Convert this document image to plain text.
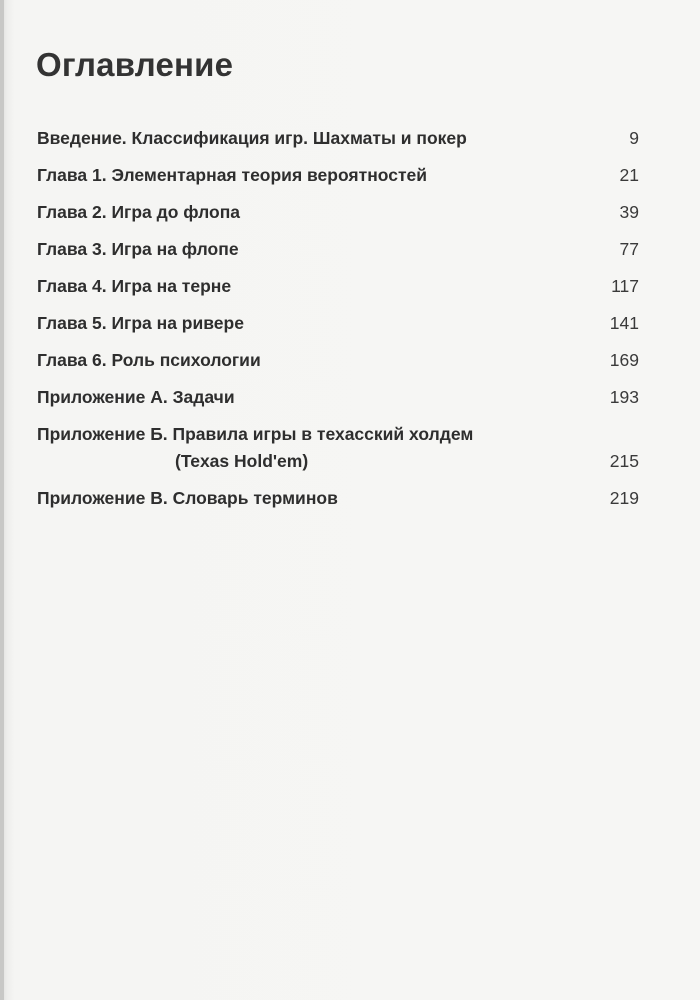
Оглавление
Введение. Классификация игр. Шахматы и покер	9
Глава 1. Элементарная теория вероятностей	21
Глава 2. Игра до флопа	39
Глава 3. Игра на флопе	77
Глава 4. Игра на терне	117
Глава 5. Игра на ривере	141
Глава 6. Роль психологии	169
Приложение А. Задачи	193
Приложение Б. Правила игры в техасский холдем
(Texas Hold'em)	215
Приложение В. Словарь терминов	219
